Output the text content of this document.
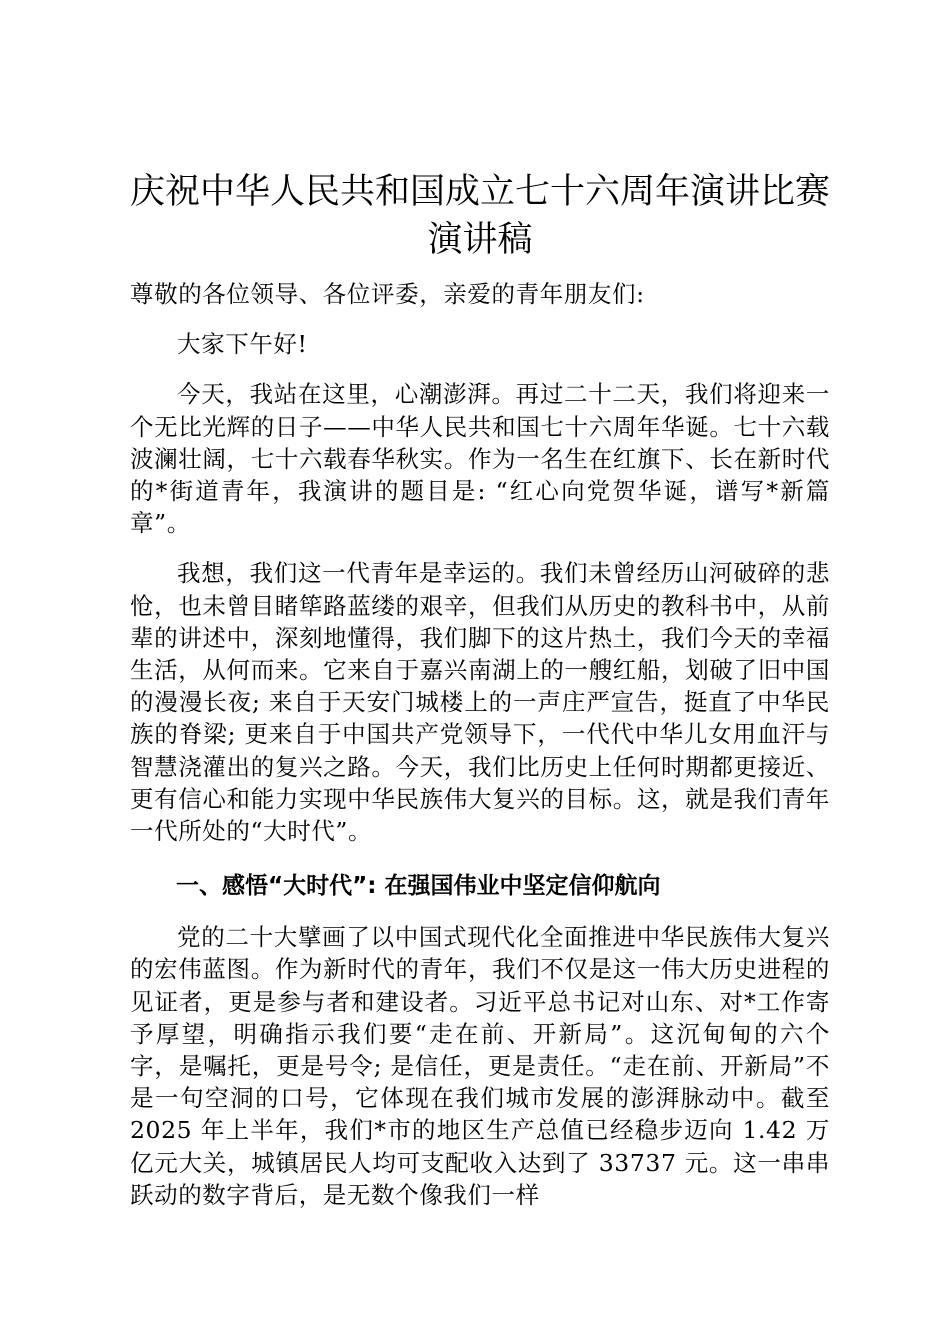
庆祝中华人民共和国成立七十六周年演讲比赛
演讲稿

尊敬的各位领导、各位评委，亲爱的青年朋友们:

大家下午好!

今天，我站在这里，心潮澎湃。再过二十二天，我们将迎来一个无比光辉的日子——中华人民共和国七十六周年华诞。七十六载波澜壮阔，七十六载春华秋实。作为一名生在红旗下、长在新时代的*街道青年，我演讲的题目是: “红心向党贺华诞，谱写*新篇章”。

我想，我们这一代青年是幸运的。我们未曾经历山河破碎的悲怆，也未曾目睹筚路蓝缕的艰辛，但我们从历史的教科书中，从前辈的讲述中，深刻地懂得，我们脚下的这片热土，我们今天的幸福生活，从何而来。它来自于嘉兴南湖上的一艘红船，划破了旧中国的漫漫长夜; 来自于天安门城楼上的一声庄严宣告，挺直了中华民族的脊梁; 更来自于中国共产党领导下，一代代中华儿女用血汗与智慧浇灌出的复兴之路。今天，我们比历史上任何时期都更接近、更有信心和能力实现中华民族伟大复兴的目标。这，就是我们青年一代所处的“大时代”。

一、感悟“大时代”: 在强国伟业中坚定信仰航向

党的二十大擘画了以中国式现代化全面推进中华民族伟大复兴的宏伟蓝图。作为新时代的青年，我们不仅是这一伟大历史进程的见证者，更是参与者和建设者。习近平总书记对山东、对*工作寄予厚望，明确指示我们要“走在前、开新局”。这沉甸甸的六个字，是嘱托，更是号令; 是信任，更是责任。“走在前、开新局”不是一句空洞的口号，它体现在我们城市发展的澎湃脉动中。截至 2025 年上半年，我们*市的地区生产总值已经稳步迈向 1.42 万亿元大关，城镇居民人均可支配收入达到了 33737 元。这一串串跃动的数字背后，是无数个像我们一样
